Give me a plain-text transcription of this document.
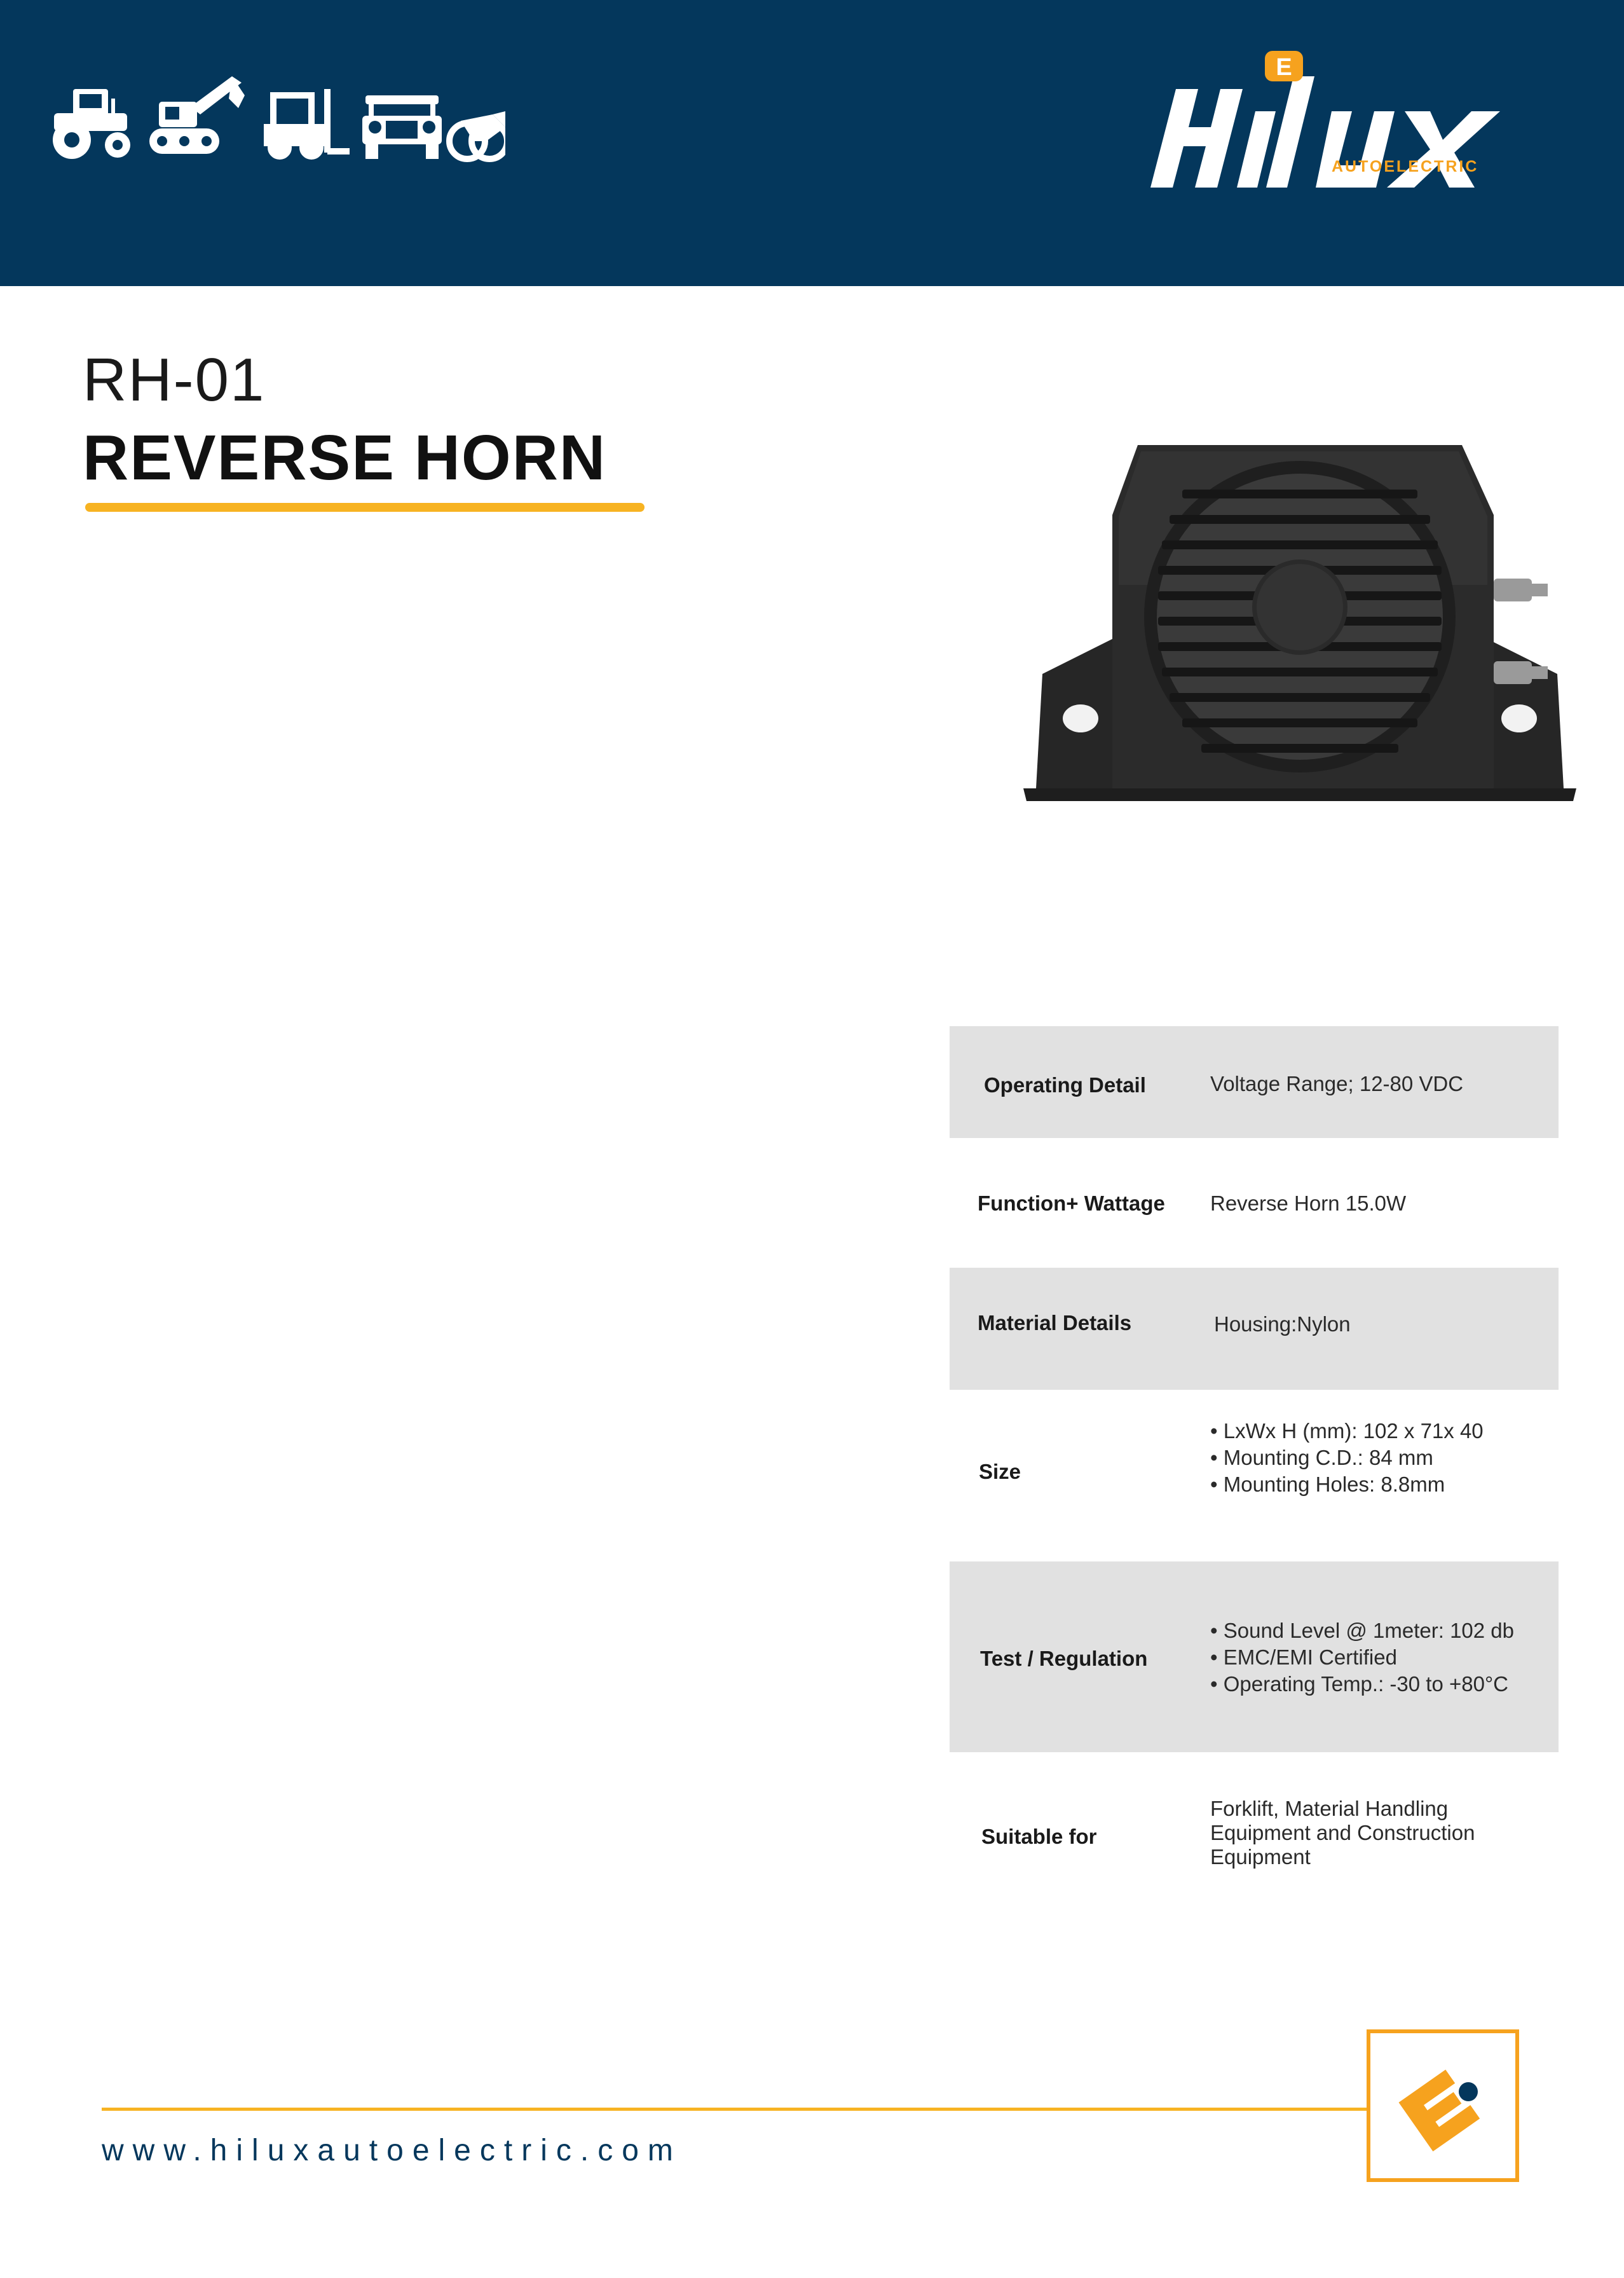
E
AUTOELECTRIC
RH-01
REVERSE HORN
Operating Detail	Voltage Range; 12-80 VDC
Function+ Wattage Reverse Horn 15.0W
Material Details	Housing:Nylon
Size
• LxWx H (mm): 102 x 71x 40
• Mounting C.D.: 84 mm
• Mounting Holes: 8.8mm
Test / Regulation
• Sound Level @ 1meter: 102 db
• EMC/EMI Certified
• Operating Temp.: -30 to +80°C
Suitable for
Forklift, Material Handling
Equipment and Construction
Equipment
www.hiluxautoelectric.com
